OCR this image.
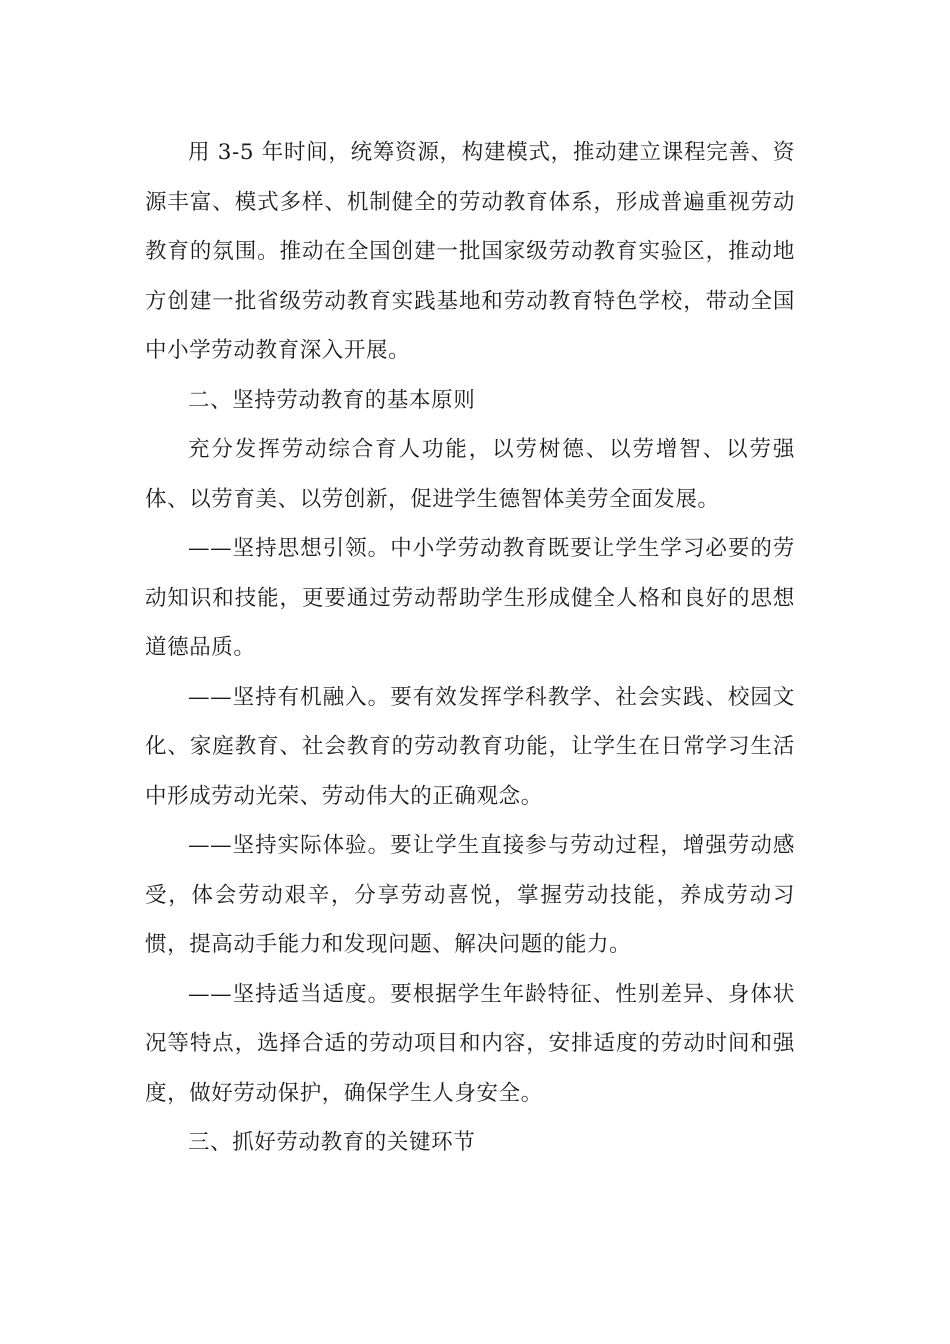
用 3-5 年时间，统筹资源，构建模式，推动建立课程完善、资源丰富、模式多样、机制健全的劳动教育体系，形成普遍重视劳动教育的氛围。推动在全国创建一批国家级劳动教育实验区，推动地方创建一批省级劳动教育实践基地和劳动教育特色学校，带动全国中小学劳动教育深入开展。

二、坚持劳动教育的基本原则

充分发挥劳动综合育人功能，以劳树德、以劳增智、以劳强体、以劳育美、以劳创新，促进学生德智体美劳全面发展。

——坚持思想引领。中小学劳动教育既要让学生学习必要的劳动知识和技能，更要通过劳动帮助学生形成健全人格和良好的思想道德品质。

——坚持有机融入。要有效发挥学科教学、社会实践、校园文化、家庭教育、社会教育的劳动教育功能，让学生在日常学习生活中形成劳动光荣、劳动伟大的正确观念。

——坚持实际体验。要让学生直接参与劳动过程，增强劳动感受，体会劳动艰辛，分享劳动喜悦，掌握劳动技能，养成劳动习惯，提高动手能力和发现问题、解决问题的能力。

——坚持适当适度。要根据学生年龄特征、性别差异、身体状况等特点，选择合适的劳动项目和内容，安排适度的劳动时间和强度，做好劳动保护，确保学生人身安全。

三、抓好劳动教育的关键环节
